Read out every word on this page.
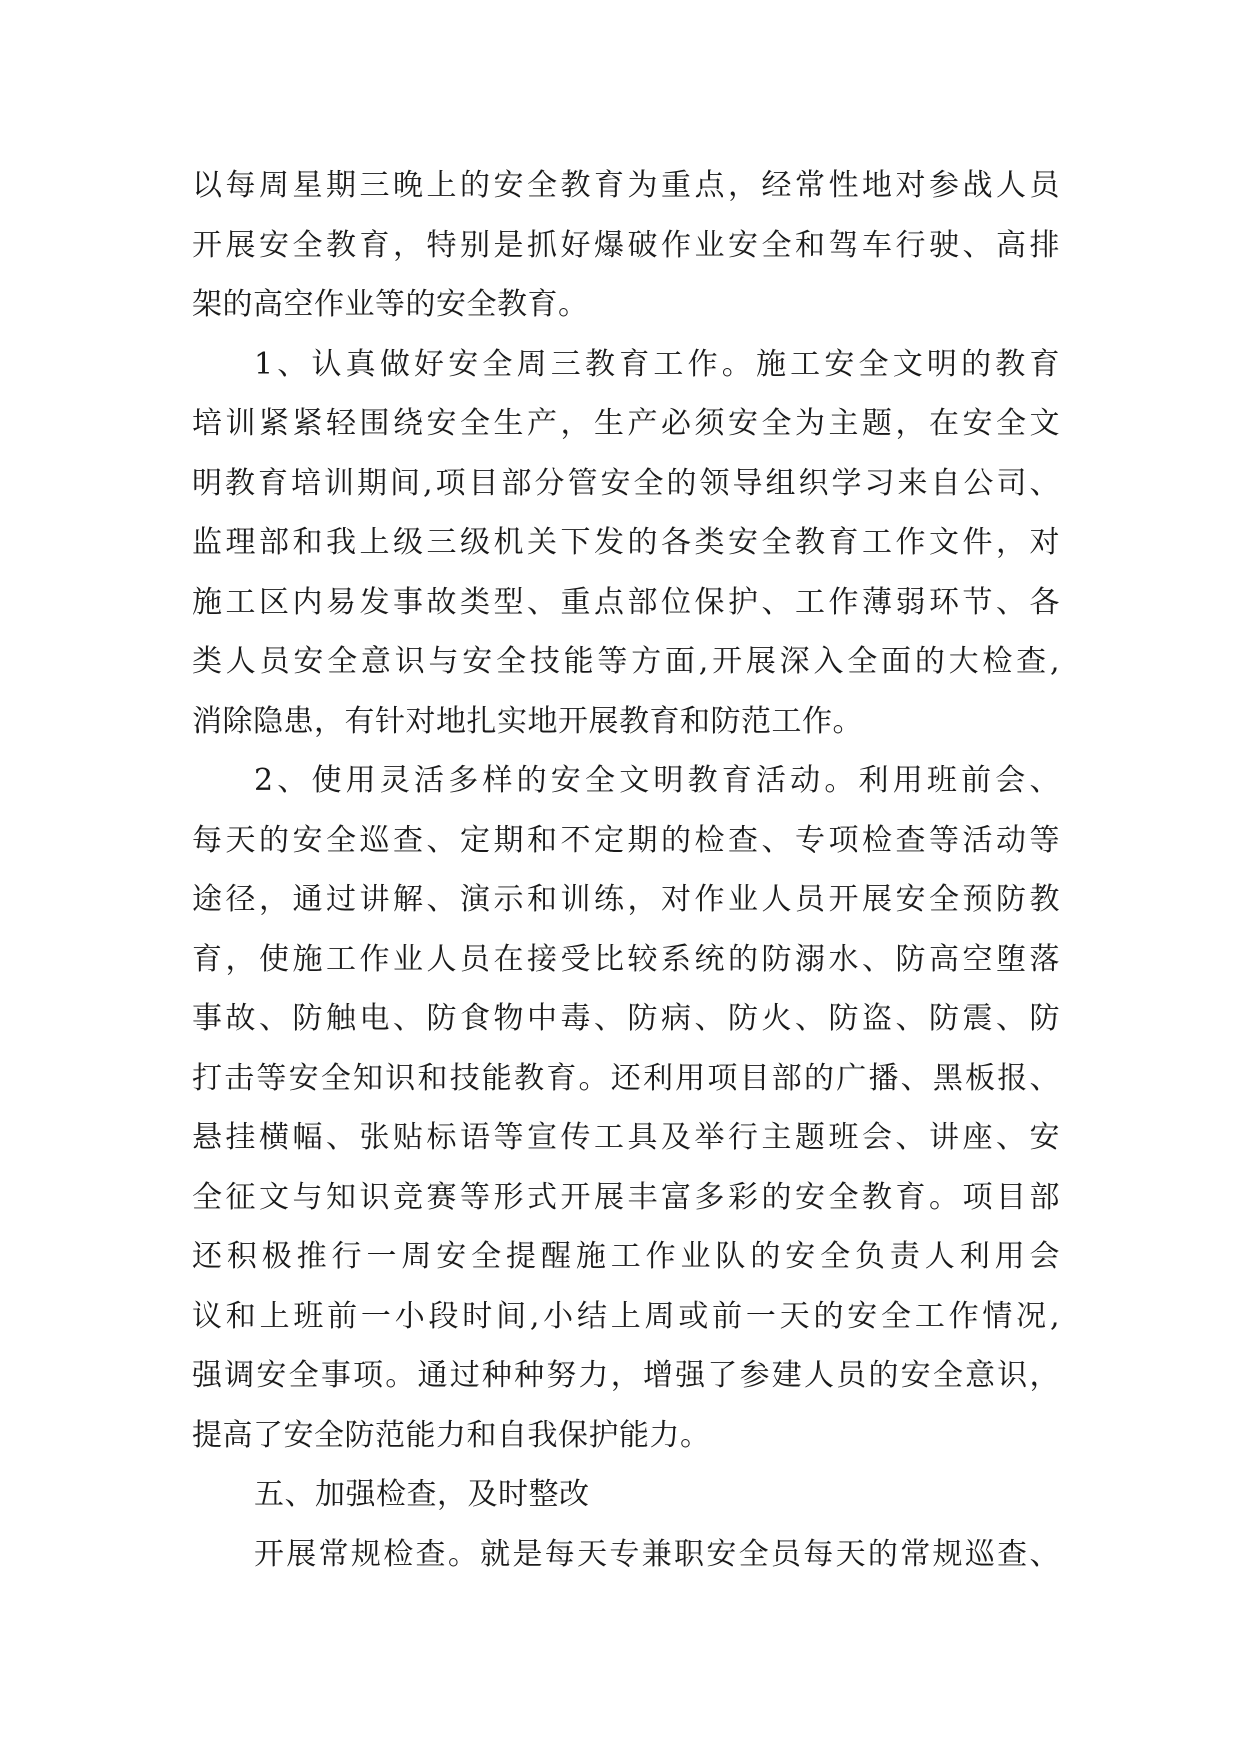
以每周星期三晚上的安全教育为重点，经常性地对参战人员
开展安全教育，特别是抓好爆破作业安全和驾车行驶、高排
架的高空作业等的安全教育。
1、认真做好安全周三教育工作。施工安全文明的教育
培训紧紧轻围绕安全生产，生产必须安全为主题，在安全文
明教育培训期间,项目部分管安全的领导组织学习来自公司、
监理部和我上级三级机关下发的各类安全教育工作文件，对
施工区内易发事故类型、重点部位保护、工作薄弱环节、各
类人员安全意识与安全技能等方面,开展深入全面的大检查,
消除隐患，有针对地扎实地开展教育和防范工作。
2、使用灵活多样的安全文明教育活动。利用班前会、
每天的安全巡查、定期和不定期的检查、专项检查等活动等
途径，通过讲解、演示和训练，对作业人员开展安全预防教
育，使施工作业人员在接受比较系统的防溺水、防高空堕落
事故、防触电、防食物中毒、防病、防火、防盗、防震、防
打击等安全知识和技能教育。还利用项目部的广播、黑板报、
悬挂横幅、张贴标语等宣传工具及举行主题班会、讲座、安
全征文与知识竞赛等形式开展丰富多彩的安全教育。项目部
还积极推行一周安全提醒施工作业队的安全负责人利用会
议和上班前一小段时间,小结上周或前一天的安全工作情况,
强调安全事项。通过种种努力，增强了参建人员的安全意识，
提高了安全防范能力和自我保护能力。
五、加强检查，及时整改
开展常规检查。就是每天专兼职安全员每天的常规巡查、
